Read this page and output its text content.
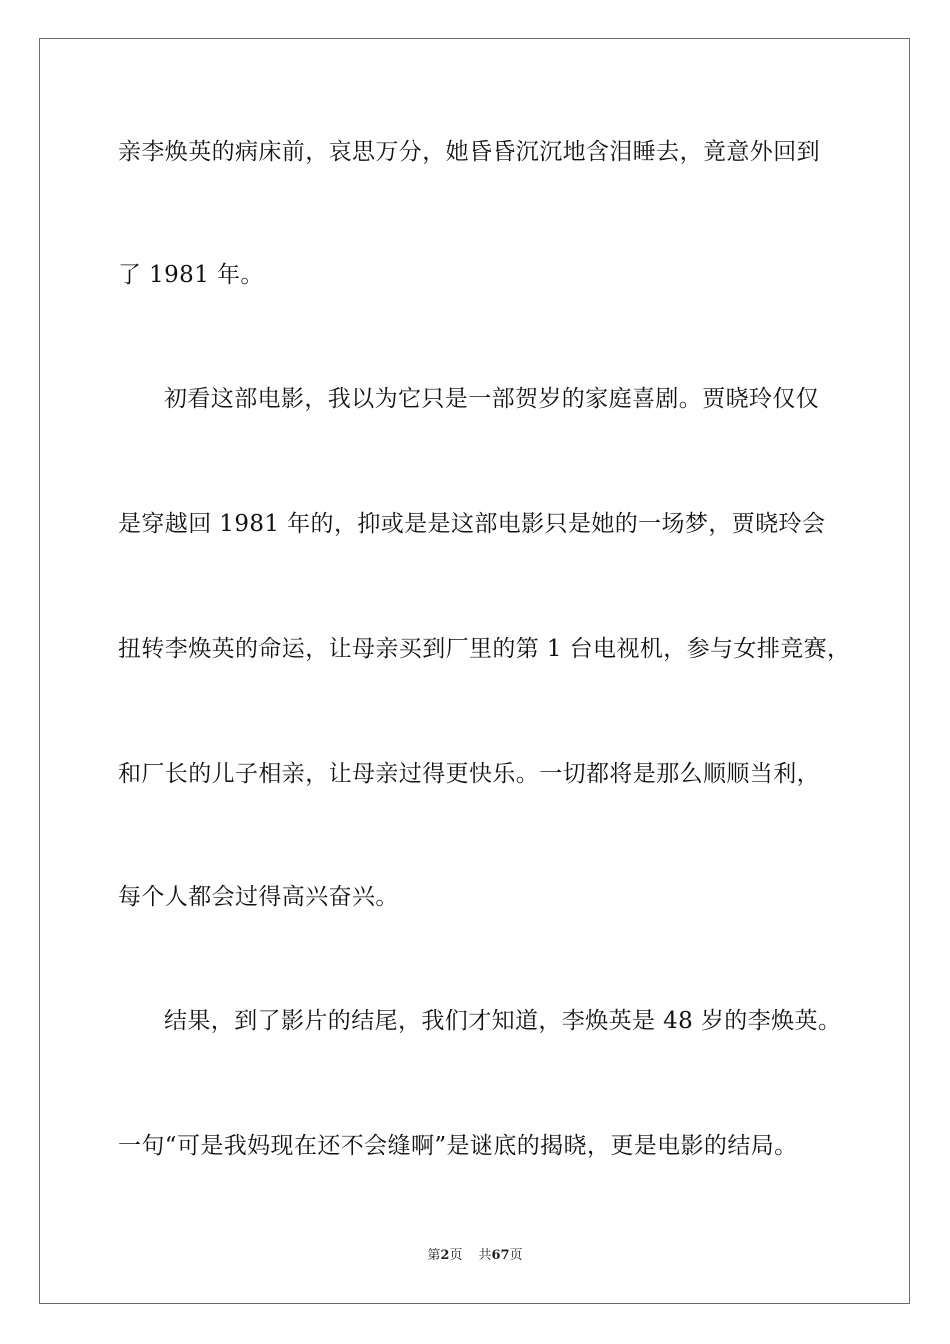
亲李焕英的病床前，哀思万分，她昏昏沉沉地含泪睡去，竟意外回到
了 1981 年。
初看这部电影，我以为它只是一部贺岁的家庭喜剧。贾晓玲仅仅
是穿越回 1981 年的，抑或是是这部电影只是她的一场梦，贾晓玲会
扭转李焕英的命运，让母亲买到厂里的第 1 台电视机，参与女排竞赛，
和厂长的儿子相亲，让母亲过得更快乐。一切都将是那么顺顺当利，
每个人都会过得高兴奋兴。
结果，到了影片的结尾，我们才知道，李焕英是 48 岁的李焕英。
一句“可是我妈现在还不会缝啊”是谜底的揭晓，更是电影的结局。
第2页 共67页
